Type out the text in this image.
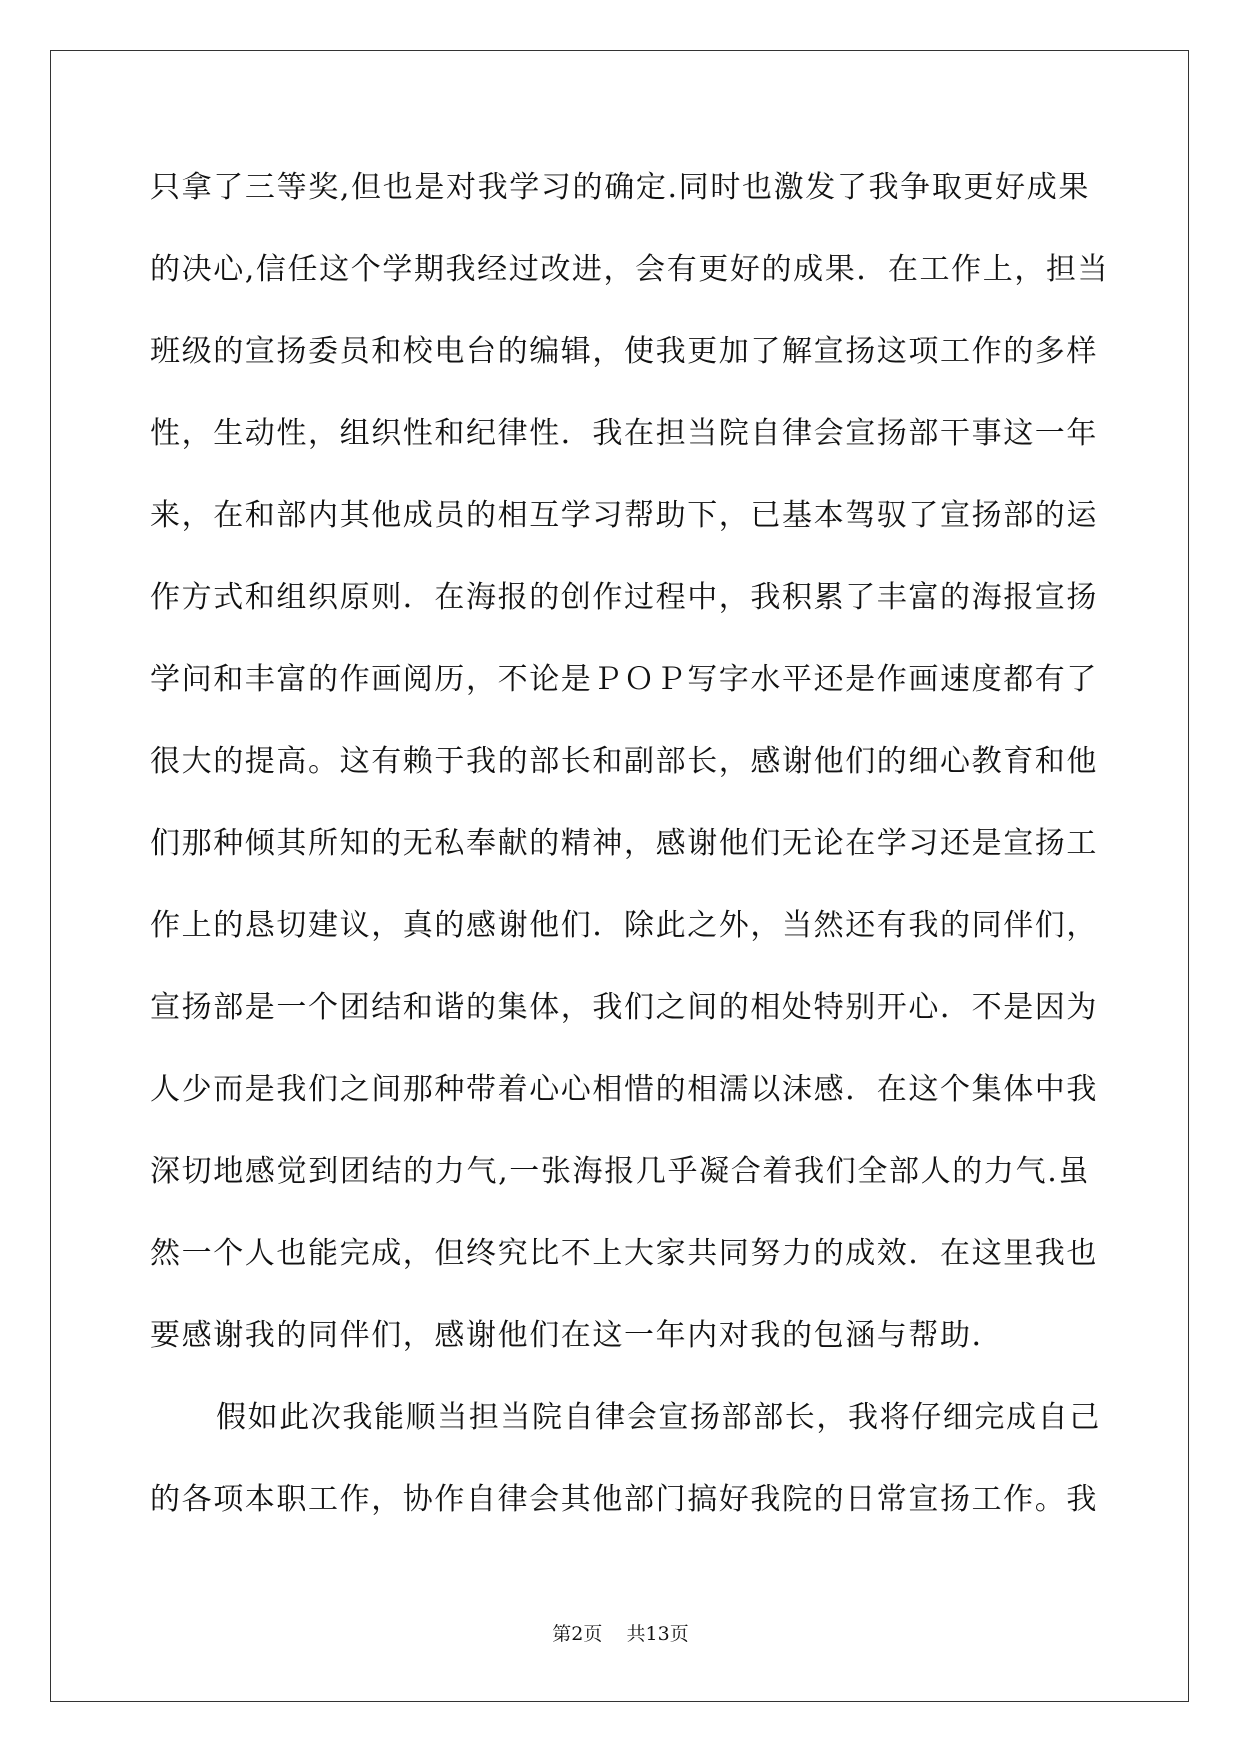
只拿了三等奖,但也是对我学习的确定.同时也激发了我争取更好成果
的决心,信任这个学期我经过改进，会有更好的成果．在工作上，担当
班级的宣扬委员和校电台的编辑，使我更加了解宣扬这项工作的多样
性，生动性，组织性和纪律性．我在担当院自律会宣扬部干事这一年
来，在和部内其他成员的相互学习帮助下，已基本驾驭了宣扬部的运
作方式和组织原则．在海报的创作过程中，我积累了丰富的海报宣扬
学问和丰富的作画阅历，不论是ＰＯＰ写字水平还是作画速度都有了
很大的提高。这有赖于我的部长和副部长，感谢他们的细心教育和他
们那种倾其所知的无私奉献的精神，感谢他们无论在学习还是宣扬工
作上的恳切建议，真的感谢他们．除此之外，当然还有我的同伴们，
宣扬部是一个团结和谐的集体，我们之间的相处特别开心．不是因为
人少而是我们之间那种带着心心相惜的相濡以沫感．在这个集体中我
深切地感觉到团结的力气,一张海报几乎凝合着我们全部人的力气.虽
然一个人也能完成，但终究比不上大家共同努力的成效．在这里我也
要感谢我的同伴们，感谢他们在这一年内对我的包涵与帮助．
假如此次我能顺当担当院自律会宣扬部部长，我将仔细完成自己
的各项本职工作，协作自律会其他部门搞好我院的日常宣扬工作。我
第2页 共13页
